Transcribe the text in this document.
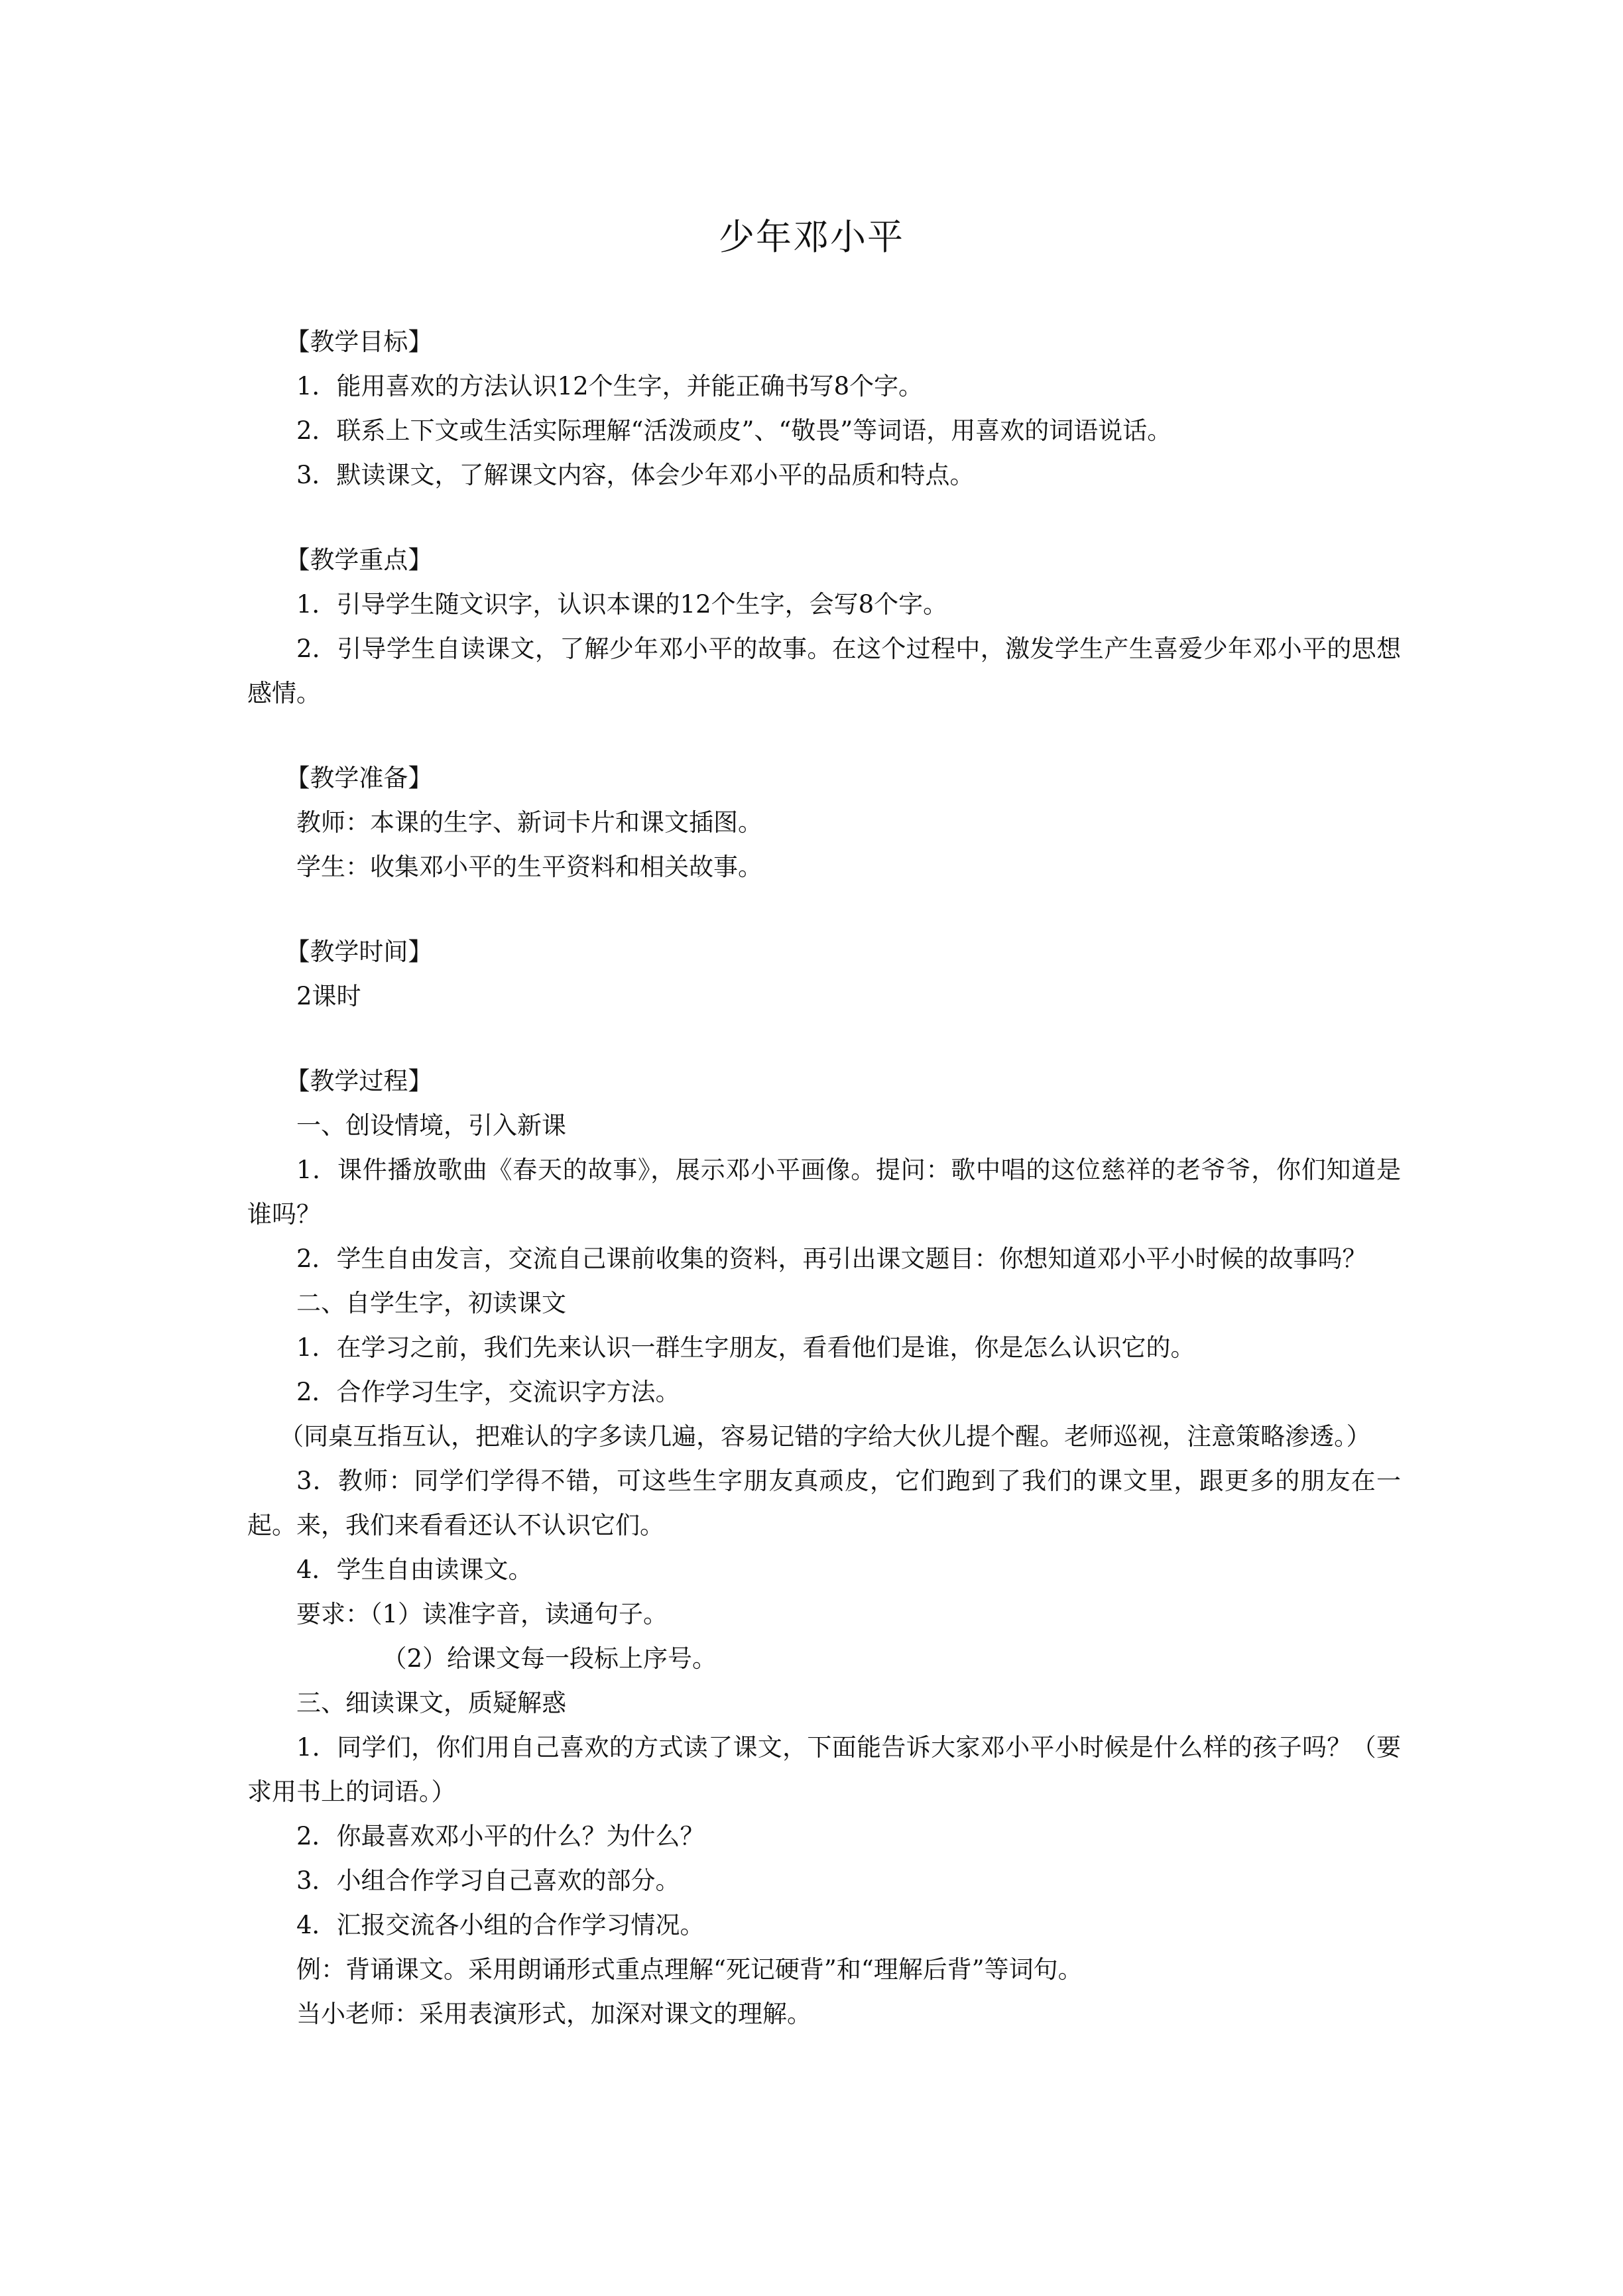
少年邓小平

【教学目标】

1．能用喜欢的方法认识12个生字，并能正确书写8个字。

2．联系上下文或生活实际理解“活泼顽皮”、“敬畏”等词语，用喜欢的词语说话。

3．默读课文，了解课文内容，体会少年邓小平的品质和特点。

【教学重点】

1．引导学生随文识字，认识本课的12个生字，会写8个字。

2．引导学生自读课文，了解少年邓小平的故事。在这个过程中，激发学生产生喜爱少年邓小平的思想感情。

【教学准备】

教师：本课的生字、新词卡片和课文插图。

学生：收集邓小平的生平资料和相关故事。

【教学时间】

2课时

【教学过程】

一、创设情境，引入新课

1．课件播放歌曲《春天的故事》，展示邓小平画像。提问：歌中唱的这位慈祥的老爷爷，你们知道是谁吗？

2．学生自由发言，交流自己课前收集的资料，再引出课文题目：你想知道邓小平小时候的故事吗？

二、自学生字，初读课文

1．在学习之前，我们先来认识一群生字朋友，看看他们是谁，你是怎么认识它的。

2．合作学习生字，交流识字方法。

（同桌互指互认，把难认的字多读几遍，容易记错的字给大伙儿提个醒。老师巡视，注意策略渗透。）

3．教师：同学们学得不错，可这些生字朋友真顽皮，它们跑到了我们的课文里，跟更多的朋友在一起。来，我们来看看还认不认识它们。

4．学生自由读课文。

要求：（1）读准字音，读通句子。

（2）给课文每一段标上序号。

三、细读课文，质疑解惑

1．同学们，你们用自己喜欢的方式读了课文，下面能告诉大家邓小平小时候是什么样的孩子吗？（要求用书上的词语。）

2．你最喜欢邓小平的什么？为什么？

3．小组合作学习自己喜欢的部分。

4．汇报交流各小组的合作学习情况。

例：背诵课文。采用朗诵形式重点理解“死记硬背”和“理解后背”等词句。

当小老师：采用表演形式，加深对课文的理解。
